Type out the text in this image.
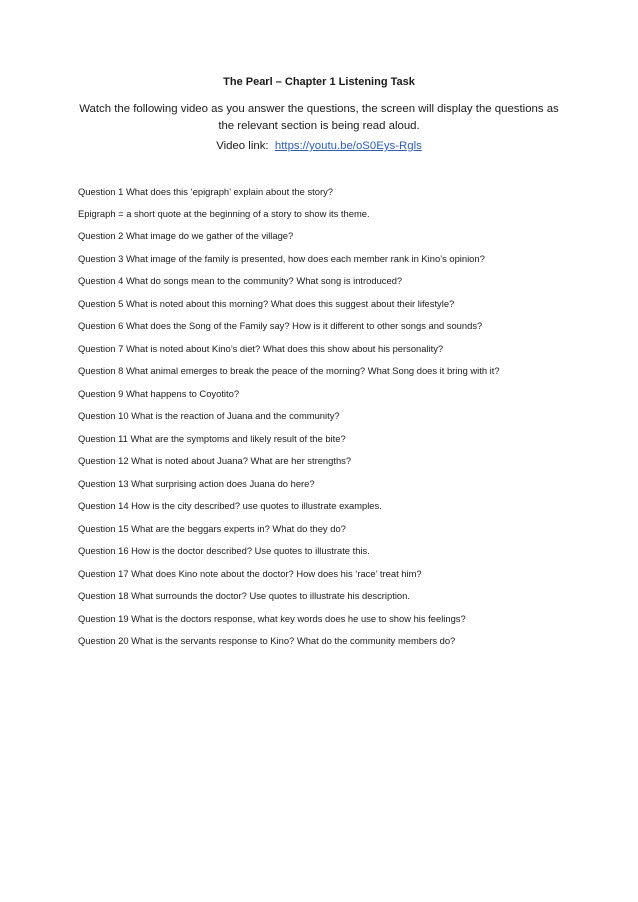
The Pearl – Chapter 1 Listening Task
Watch the following video as you answer the questions, the screen will display the questions as the relevant section is being read aloud.
Video link: https://youtu.be/oS0Eys-Rgls
Question 1 What does this ‘epigraph’ explain about the story?
Epigraph = a short quote at the beginning of a story to show its theme.
Question 2 What image do we gather of the village?
Question 3 What image of the family is presented, how does each member rank in Kino’s opinion?
Question 4 What do songs mean to the community? What song is introduced?
Question 5 What is noted about this morning? What does this suggest about their lifestyle?
Question 6 What does the Song of the Family say? How is it different to other songs and sounds?
Question 7 What is noted about Kino’s diet? What does this show about his personality?
Question 8 What animal emerges to break the peace of the morning? What Song does it bring with it?
Question 9 What happens to Coyotito?
Question 10 What is the reaction of Juana and the community?
Question 11 What are the symptoms and likely result of the bite?
Question 12 What is noted about Juana? What are her strengths?
Question 13 What surprising action does Juana do here?
Question 14 How is the city described? use quotes to illustrate examples.
Question 15 What are the beggars experts in? What do they do?
Question 16 How is the doctor described? Use quotes to illustrate this.
Question 17 What does Kino note about the doctor? How does his ‘race’ treat him?
Question 18 What surrounds the doctor? Use quotes to illustrate his description.
Question 19 What is the doctors response, what key words does he use to show his feelings?
Question 20 What is the servants response to Kino? What do the community members do?
